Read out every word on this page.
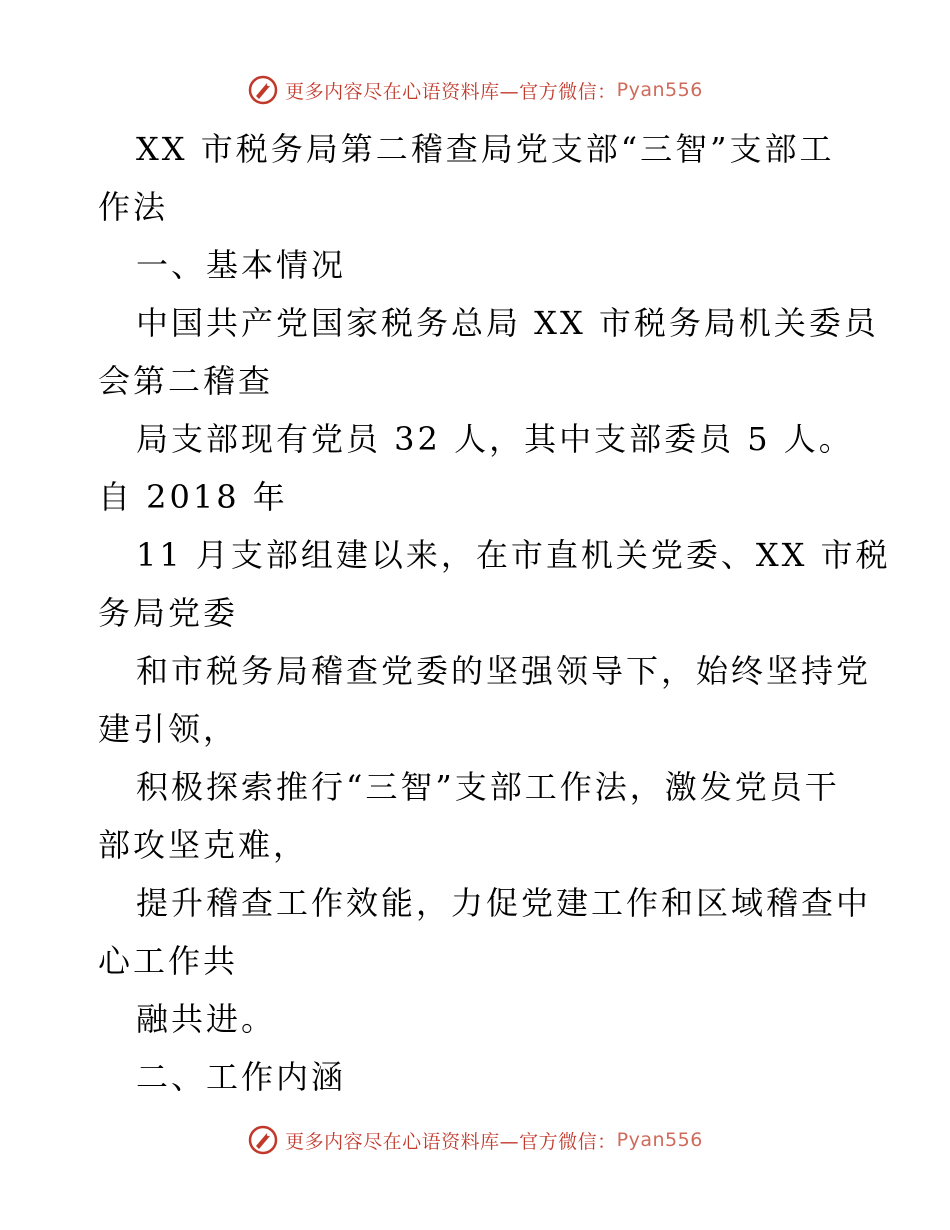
更多内容尽在心语资料库—官方微信： Pyan556
XX 市税务局第二稽查局党支部“三智”支部工
作法
一、基本情况
中国共产党国家税务总局 XX 市税务局机关委员
会第二稽查
局支部现有党员 32 人，其中支部委员 5 人。
自 2018 年
11 月支部组建以来，在市直机关党委、XX 市税
务局党委
和市税务局稽查党委的坚强领导下，始终坚持党
建引领，
积极探索推行“三智”支部工作法，激发党员干
部攻坚克难，
提升稽查工作效能，力促党建工作和区域稽查中
心工作共
融共进。
二、工作内涵
更多内容尽在心语资料库—官方微信： Pyan556
